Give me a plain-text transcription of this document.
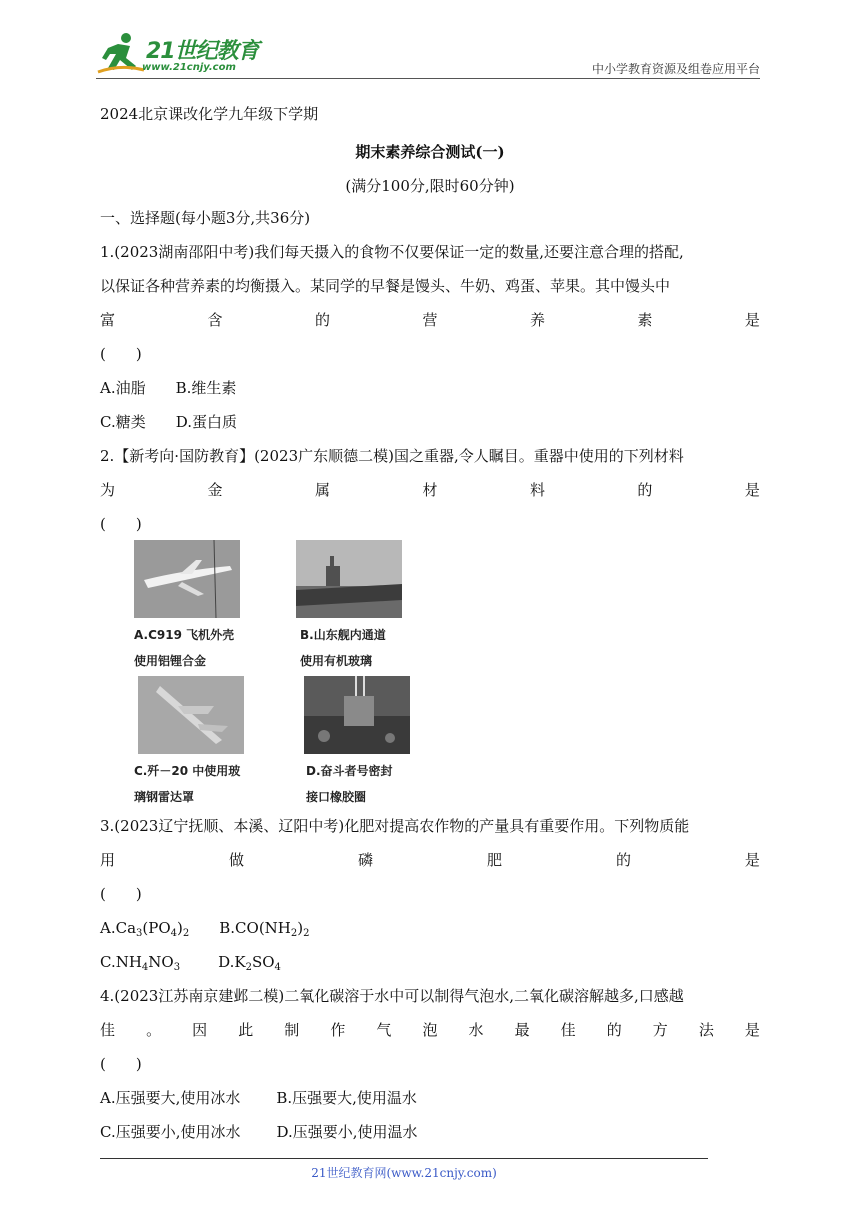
21世纪教育
www.21cnjy.com	中小学教育资源及组卷应用平台
2024北京课改化学九年级下学期
期末素养综合测试(一)
(满分100分,限时60分钟)
一、选择题(每小题3分,共36分)
1.(2023湖南邵阳中考)我们每天摄入的食物不仅要保证一定的数量,还要注意合理的搭配,
以保证各种营养素的均衡摄入。某同学的早餐是馒头、牛奶、鸡蛋、苹果。其中馒头中
富	含	的	营	养	素	是
(　　)
A.油脂 B.维生素
C.糖类 D.蛋白质
2.【新考向·国防教育】(2023广东顺德二模)国之重器,令人瞩目。重器中使用的下列材料
为	金	属	材	料	的	是
(　　)
A.C919 飞机外壳
使用铝锂合金
B.山东舰内通道
使用有机玻璃
C.歼－20 中使用玻
璃钢雷达罩
D.奋斗者号密封
接口橡胶圈
3.(2023辽宁抚顺、本溪、辽阳中考)化肥对提高农作物的产量具有重要作用。下列物质能
用	做	磷	肥	的	是
(　　)
$A.Ca_3(PO_4)_2$ $B.CO(NH_2)_2$
$C.NH_4NO_3$	$D.K_2SO_4$
4.(2023江苏南京建邺二模)二氧化碳溶于水中可以制得气泡水,二氧化碳溶解越多,口感越
佳 。 因 此 制 作 气 泡 水 最 佳 的 方 法 是
(　　)
A.压强要大,使用冰水 B.压强要大,使用温水
C.压强要小,使用冰水 D.压强要小,使用温水
21世纪教育网(www.21cnjy.com)
